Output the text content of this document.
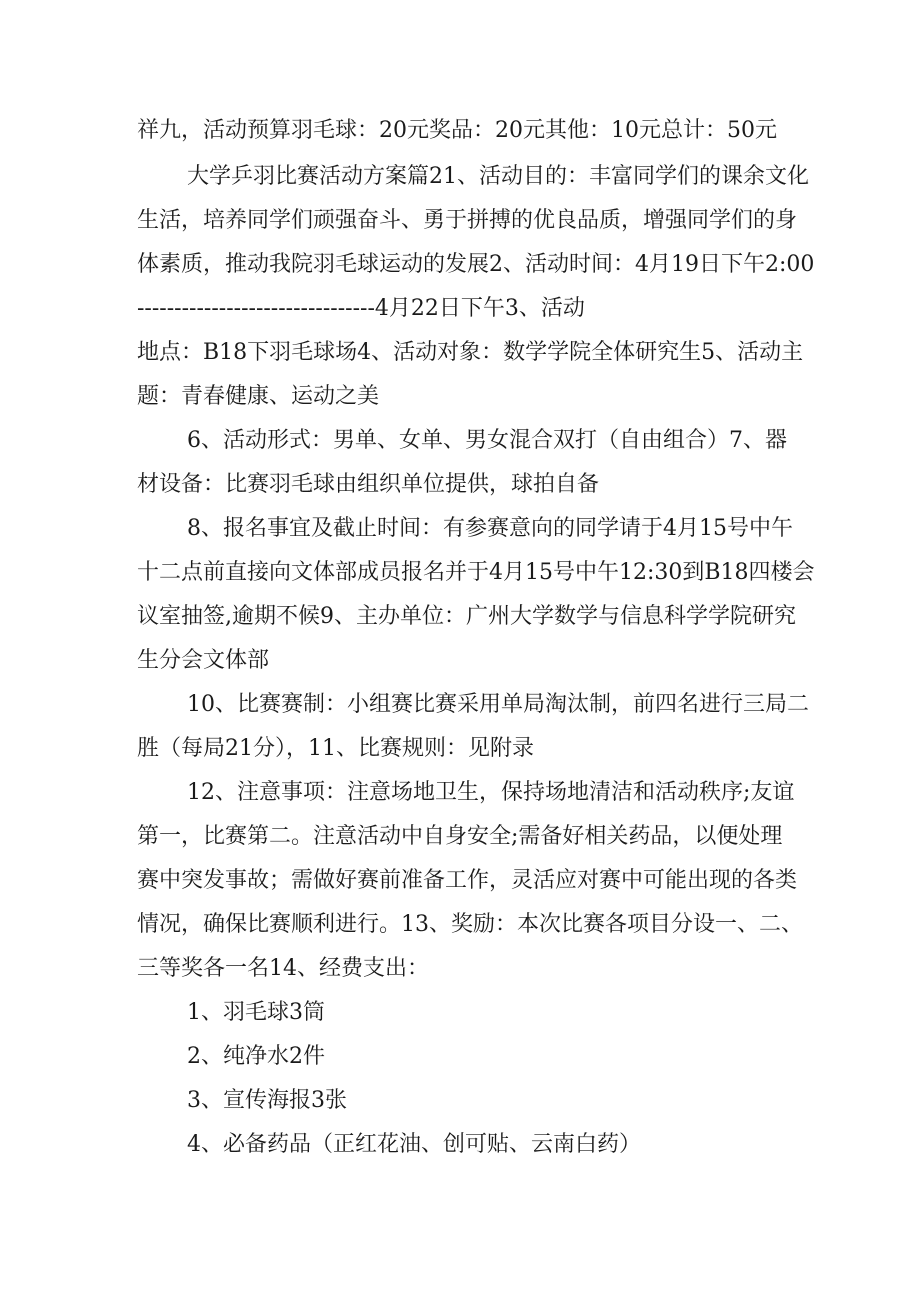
祥九，活动预算羽毛球：20元奖品：20元其他：10元总计：50元
大学乒羽比赛活动方案篇21、活动目的：丰富同学们的课余文化
生活，培养同学们顽强奋斗、勇于拼搏的优良品质，增强同学们的身
体素质，推动我院羽毛球运动的发展2、活动时间：4月19日下午2:00
--------------------------------4月22日下午3、活动
地点：B18下羽毛球场4、活动对象：数学学院全体研究生5、活动主
题：青春健康、运动之美
6、活动形式：男单、女单、男女混合双打（自由组合）7、器
材设备：比赛羽毛球由组织单位提供，球拍自备
8、报名事宜及截止时间：有参赛意向的同学请于4月15号中午
十二点前直接向文体部成员报名并于4月15号中午12:30到B18四楼会
议室抽签,逾期不候9、主办单位：广州大学数学与信息科学学院研究
生分会文体部
10、比赛赛制：小组赛比赛采用单局淘汰制，前四名进行三局二
胜（每局21分），11、比赛规则：见附录
12、注意事项：注意场地卫生，保持场地清洁和活动秩序;友谊
第一，比赛第二。注意活动中自身安全;需备好相关药品，以便处理
赛中突发事故；需做好赛前准备工作，灵活应对赛中可能出现的各类
情况，确保比赛顺利进行。13、奖励：本次比赛各项目分设一、二、
三等奖各一名14、经费支出：
1、羽毛球3筒
2、纯净水2件
3、宣传海报3张
4、必备药品（正红花油、创可贴、云南白药）
